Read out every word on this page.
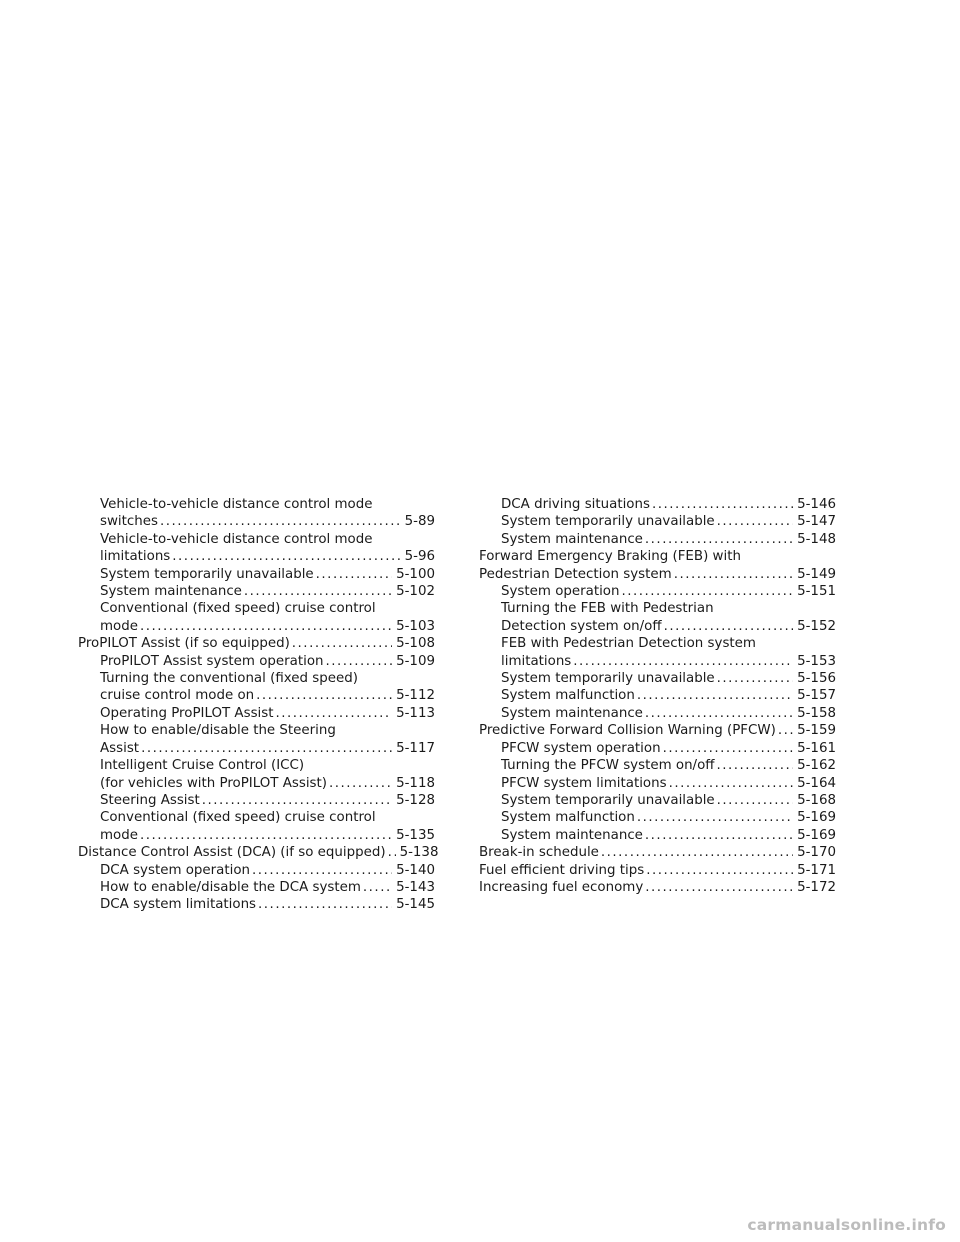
Vehicle-to-vehicle distance control mode
switches .....	5-89
Vehicle-to-vehicle distance control mode
limitations .....	5-96
System temporarily unavailable .....	5-100
System maintenance .....	5-102
Conventional (fixed speed) cruise control
mode .....	5-103
ProPILOT Assist (if so equipped) .....	5-108
ProPILOT Assist system operation .....	5-109
Turning the conventional (fixed speed)
cruise control mode on .....	5-112
Operating ProPILOT Assist .....	5-113
How to enable/disable the Steering
Assist .....	5-117
Intelligent Cruise Control (ICC)
(for vehicles with ProPILOT Assist) .....	5-118
Steering Assist .....	5-128
Conventional (fixed speed) cruise control
mode .....	5-135
Distance Control Assist (DCA) (if so equipped) ..... 5-138
DCA system operation .....	5-140
How to enable/disable the DCA system .....	5-143
DCA system limitations .....	5-145
DCA driving situations .....	5-146
System temporarily unavailable .....	5-147
System maintenance .....	5-148
Forward Emergency Braking (FEB) with
Pedestrian Detection system .....	5-149
System operation .....	5-151
Turning the FEB with Pedestrian
Detection system on/off .....	5-152
FEB with Pedestrian Detection system
limitations .....	5-153
System temporarily unavailable .....	5-156
System malfunction .....	5-157
System maintenance .....	5-158
Predictive Forward Collision Warning (PFCW) ..... 5-159
PFCW system operation .....	5-161
Turning the PFCW system on/off .....	5-162
PFCW system limitations .....	5-164
System temporarily unavailable .....	5-168
System malfunction .....	5-169
System maintenance .....	5-169
Break-in schedule .....	5-170
Fuel efficient driving tips .....	5-171
Increasing fuel economy .....	5-172
carmanualsonline.info
